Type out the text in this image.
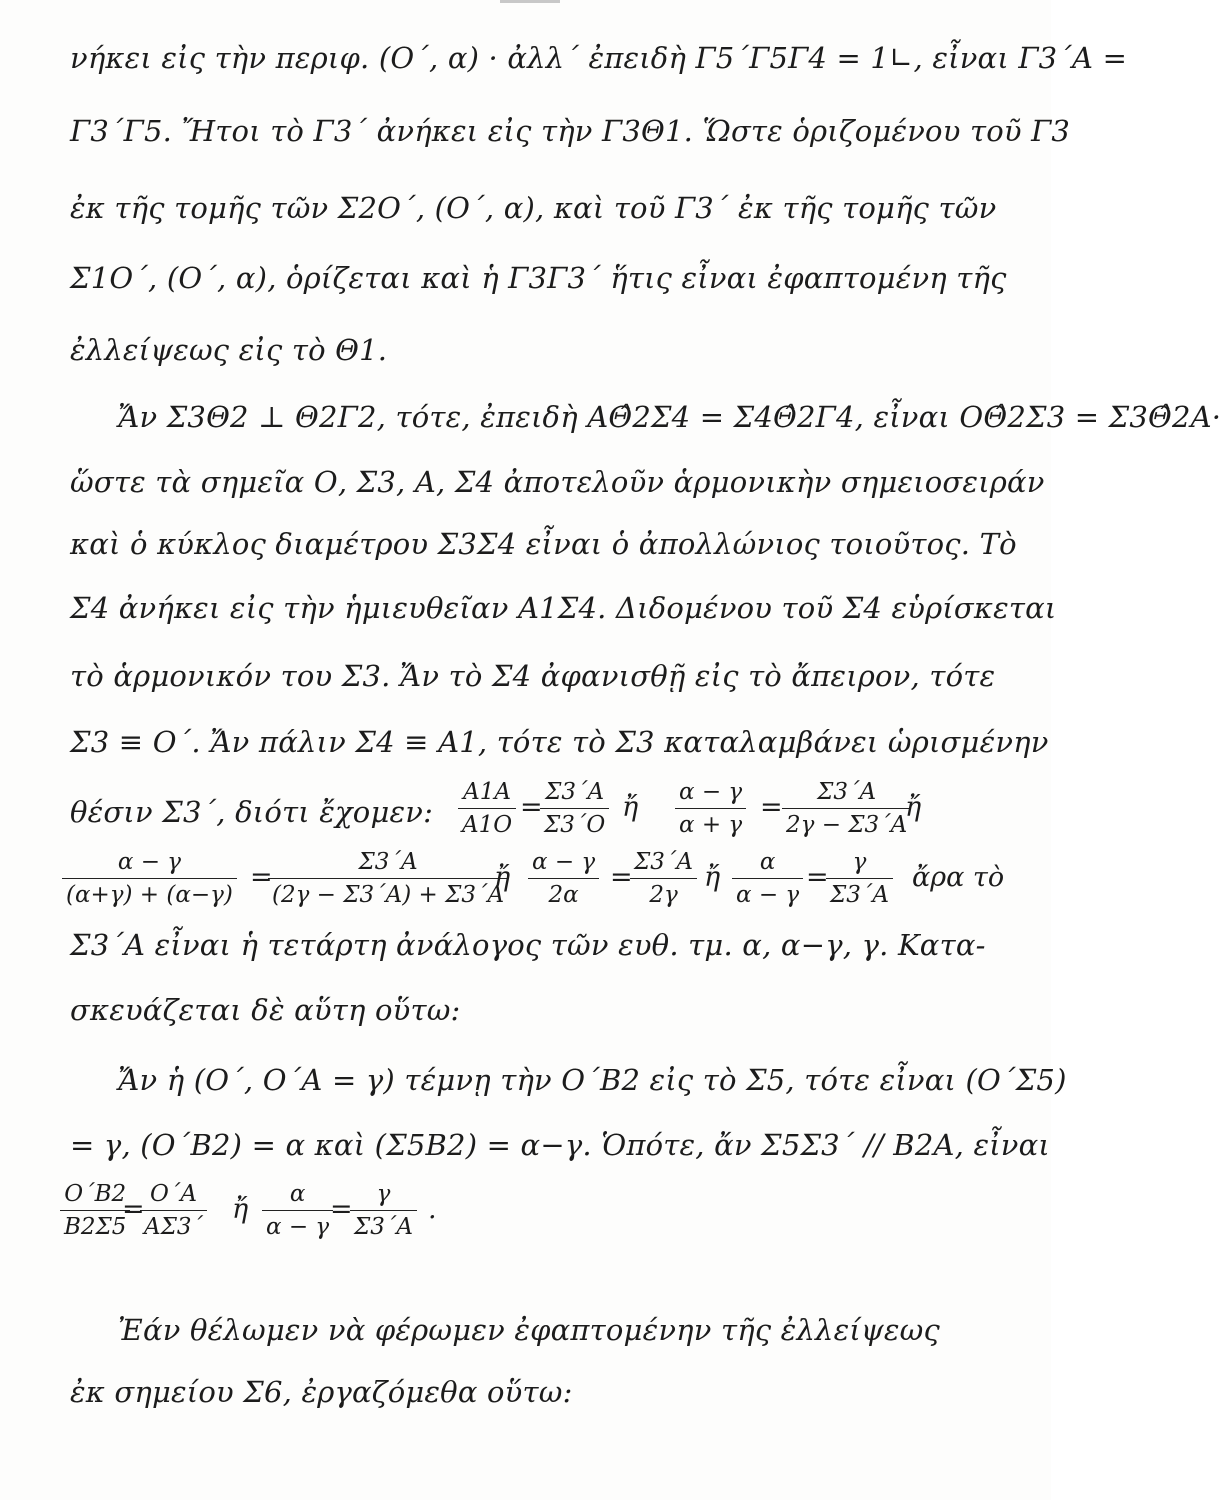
νήκει εἰς τὴν περιφ. (Ο΄, α) · ἀλλ΄ ἐπειδὴ Γ5΄Γ5Γ4 = 1∟, εἶναι Γ3΄Α =
Γ3΄Γ5. Ἤτοι τὸ Γ3΄ ἀνήκει εἰς τὴν Γ3Θ1. Ὥστε ὁριζομένου τοῦ Γ3
ἐκ τῆς τομῆς τῶν Σ2Ο΄, (Ο΄, α), καὶ τοῦ Γ3΄ ἐκ τῆς τομῆς τῶν
Σ1Ο΄, (Ο΄, α), ὁρίζεται καὶ ἡ Γ3Γ3΄ ἥτις εἶναι ἐφαπτομένη τῆς
ἐλλείψεως εἰς τὸ Θ1.
Ἄν Σ3Θ2 ⊥ Θ2Γ2, τότε, ἐπειδὴ ΑΘ̂2Σ4 = Σ4Θ̂2Γ4, εἶναι ΟΘ̂2Σ3 = Σ3Θ̂2Α·
ὥστε τὰ σημεῖα Ο, Σ3, Α, Σ4 ἀποτελοῦν ἁρμονικὴν σημειοσειράν
καὶ ὁ κύκλος διαμέτρου Σ3Σ4 εἶναι ὁ ἀπολλώνιος τοιοῦτος. Τὸ
Σ4 ἀνήκει εἰς τὴν ἡμιευθεῖαν Α1Σ4. Διδομένου τοῦ Σ4 εὑρίσκεται
τὸ ἁρμονικόν του Σ3. Ἄν τὸ Σ4 ἀφανισθῇ εἰς τὸ ἄπειρον, τότε
Σ3 ≡ Ο΄. Ἄν πάλιν Σ4 ≡ Α1, τότε τὸ Σ3 καταλαμβάνει ὡρισμένην
θέσιν Σ3΄, διότι ἔχομεν:	$\frac{A1A}{A1O}$ =
$\frac{\Sigma 3΄A}{\Sigma 3΄O}$ ἤ $\frac{\alpha - \gamma}{\alpha + \gamma} = \frac{\Sigma 3΄A}{2\gamma - \Sigma 3΄A}$
ἤ
$\frac{\alpha - \gamma}{(\alpha+\gamma) + (\alpha-\gamma)}$ =
$\frac{\Sigma 3΄A}{(2\gamma - \Sigma 3΄A) + \Sigma 3΄A}$
ἤ $\frac{\alpha - \gamma}{2\alpha}$ =
$\frac{\Sigma 3΄A}{2\gamma}$ ἤ $\frac{\alpha}{\alpha - \gamma}$ =
$\frac{\gamma}{\Sigma 3΄A}$ ἄρα τὸ
Σ3΄Α εἶναι ἡ τετάρτη ἀνάλογος τῶν ευθ. τμ. α, α−γ, γ. Κατα-
σκευάζεται δὲ αὕτη οὕτω:
Ἄν ἡ (Ο΄, Ο΄Α = γ) τέμνῃ τὴν Ο΄Β2 εἰς τὸ Σ5, τότε εἶναι (Ο΄Σ5)
= γ, (Ο΄Β2) = α καὶ (Σ5Β2) = α−γ. Ὁπότε, ἄν Σ5Σ3΄ // Β2Α, εἶναι
$\frac{O΄B2}{B2\Sigma 5}$
=
$\frac{O΄A}{A\Sigma 3΄}$ ἤ $\frac{\alpha}{\alpha - \gamma}$
=
$\frac{\gamma}{\Sigma 3΄A}$ .
Ἐάν θέλωμεν νὰ φέρωμεν ἐφαπτομένην τῆς ἐλλείψεως
ἐκ σημείου Σ6, ἐργαζόμεθα οὕτω:
